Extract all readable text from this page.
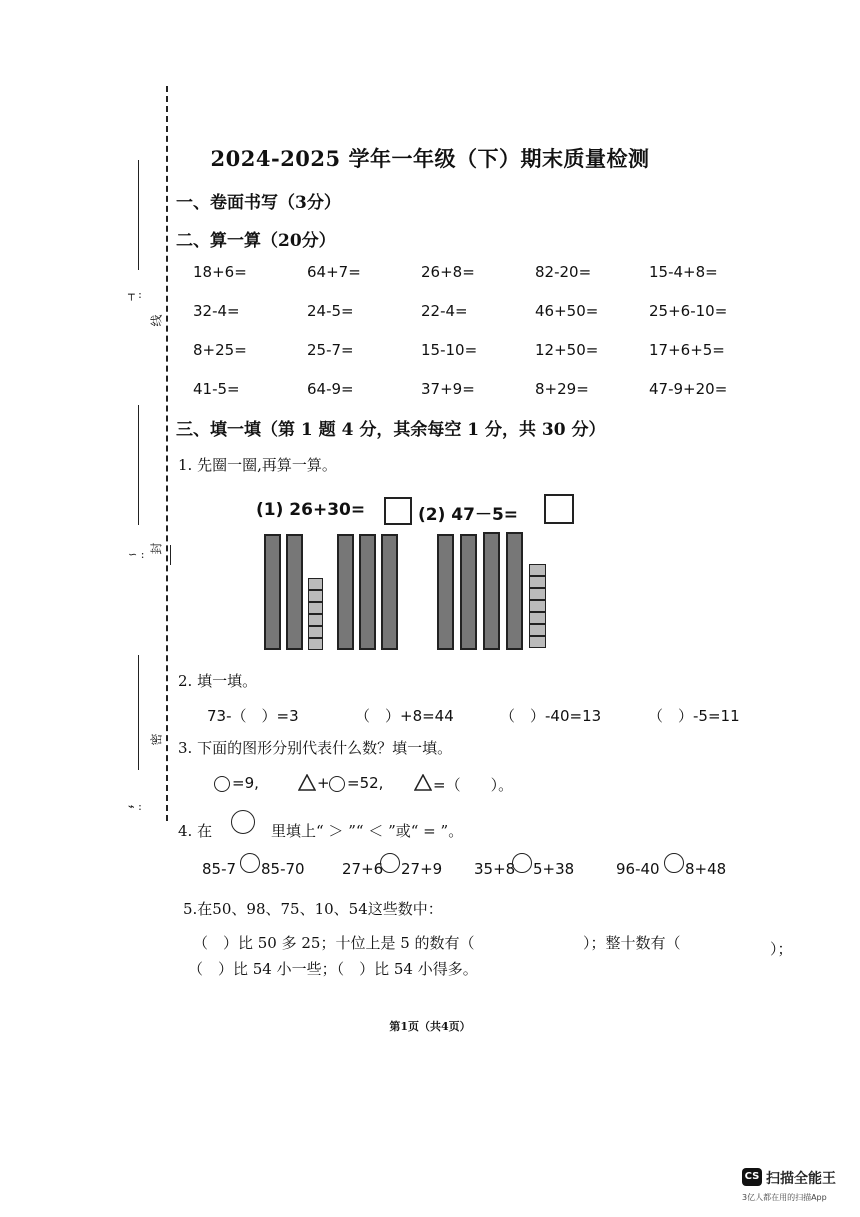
线
封
密
┬ :
∽ :
⌁ :
2024-2025 学年一年级（下）期末质量检测
一、卷面书写（3分）
二、算一算（20分）
18+6=	64+7=	26+8=	82-20=	15-4+8=
32-4=	24-5=	22-4=	46+50=	25+6-10=
8+25=	25-7=	15-10=	12+50=	17+6+5=
41-5=	64-9=	37+9=	8+29=	47-9+20=
三、填一填（第 1 题 4 分，其余每空 1 分，共 30 分）
1. 先圈一圈,再算一算。
(1) 26+30=	(2) 47－5=
2. 填一填。
73-（　）=3	（　）+8=44	（　）-40=13	（　）-5=11
3. 下面的图形分别代表什么数？填一填。
=9,	+ =52,	=（　　）。
4. 在	里填上“ ＞ ”“ ＜ ”或“ = ”。
85-7 85-70 27+6 27+9 35+8 5+38	96-40 8+48
5.在50、98、75、10、54这些数中：
（　）比 50 多 25；十位上是 5 的数有（	）；整十数有（	）；
（　）比 54 小一些；（　）比 54 小得多。
第1页（共4页）
CS 扫描全能王
3亿人都在用的扫描App
